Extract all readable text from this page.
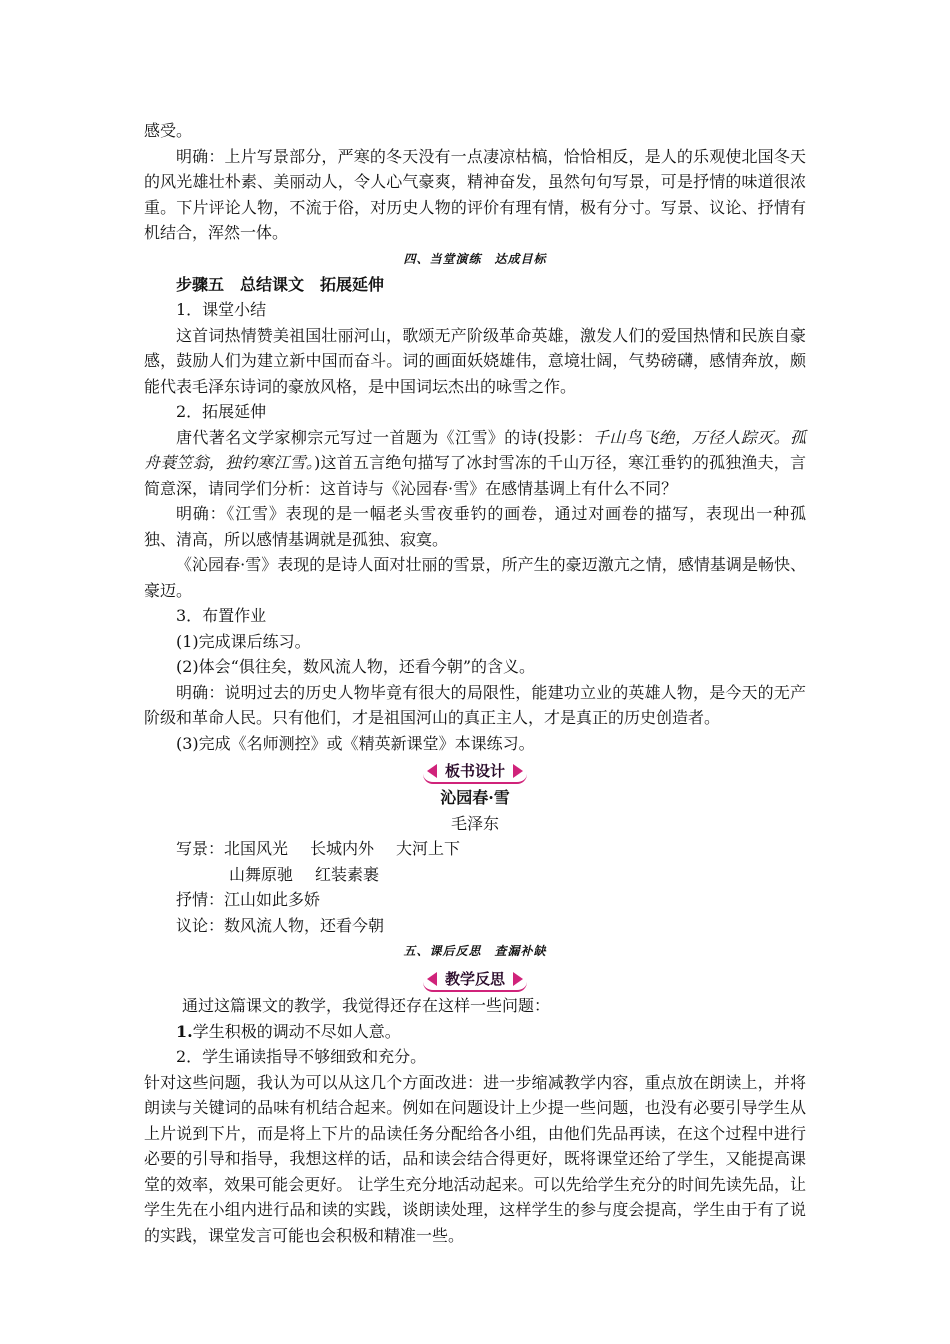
感受。
明确：上片写景部分，严寒的冬天没有一点凄凉枯槁，恰恰相反，是人的乐观使北国冬天的风光雄壮朴素、美丽动人，令人心气豪爽，精神奋发，虽然句句写景，可是抒情的味道很浓重。下片评论人物，不流于俗，对历史人物的评价有理有情，极有分寸。写景、议论、抒情有机结合，浑然一体。
四、当堂演练　达成目标
步骤五　总结课文　拓展延伸
1．课堂小结
这首词热情赞美祖国壮丽河山，歌颂无产阶级革命英雄，激发人们的爱国热情和民族自豪感，鼓励人们为建立新中国而奋斗。词的画面妖娆雄伟，意境壮阔，气势磅礴，感情奔放，颇能代表毛泽东诗词的豪放风格，是中国词坛杰出的咏雪之作。
2．拓展延伸
唐代著名文学家柳宗元写过一首题为《江雪》的诗(投影：千山鸟飞绝，万径人踪灭。孤舟蓑笠翁，独钓寒江雪。)这首五言绝句描写了冰封雪冻的千山万径，寒江垂钓的孤独渔夫，言简意深，请同学们分析：这首诗与《沁园春·雪》在感情基调上有什么不同？
明确：《江雪》表现的是一幅老头雪夜垂钓的画卷，通过对画卷的描写，表现出一种孤独、清高，所以感情基调就是孤独、寂寞。
《沁园春·雪》表现的是诗人面对壮丽的雪景，所产生的豪迈激亢之情，感情基调是畅快、豪迈。
3．布置作业
(1)完成课后练习。
(2)体会“俱往矣，数风流人物，还看今朝”的含义。
明确：说明过去的历史人物毕竟有很大的局限性，能建功立业的英雄人物，是今天的无产阶级和革命人民。只有他们，才是祖国河山的真正主人，才是真正的历史创造者。
(3)完成《名师测控》或《精英新课堂》本课练习。
板书设计
沁园春·雪
毛泽东
写景：北国风光 长城内外 大河上下
山舞原驰 红装素裹
抒情：江山如此多娇
议论：数风流人物，还看今朝
五、课后反思　查漏补缺
教学反思
通过这篇课文的教学，我觉得还存在这样一些问题：
1.学生积极的调动不尽如人意。
2．学生诵读指导不够细致和充分。
针对这些问题，我认为可以从这几个方面改进：进一步缩减教学内容，重点放在朗读上，并将朗读与关键词的品味有机结合起来。例如在问题设计上少提一些问题，也没有必要引导学生从上片说到下片，而是将上下片的品读任务分配给各小组，由他们先品再读，在这个过程中进行必要的引导和指导，我想这样的话，品和读会结合得更好，既将课堂还给了学生，又能提高课堂的效率，效果可能会更好。 让学生充分地活动起来。可以先给学生充分的时间先读先品，让学生先在小组内进行品和读的实践，谈朗读处理，这样学生的参与度会提高，学生由于有了说的实践，课堂发言可能也会积极和精准一些。
